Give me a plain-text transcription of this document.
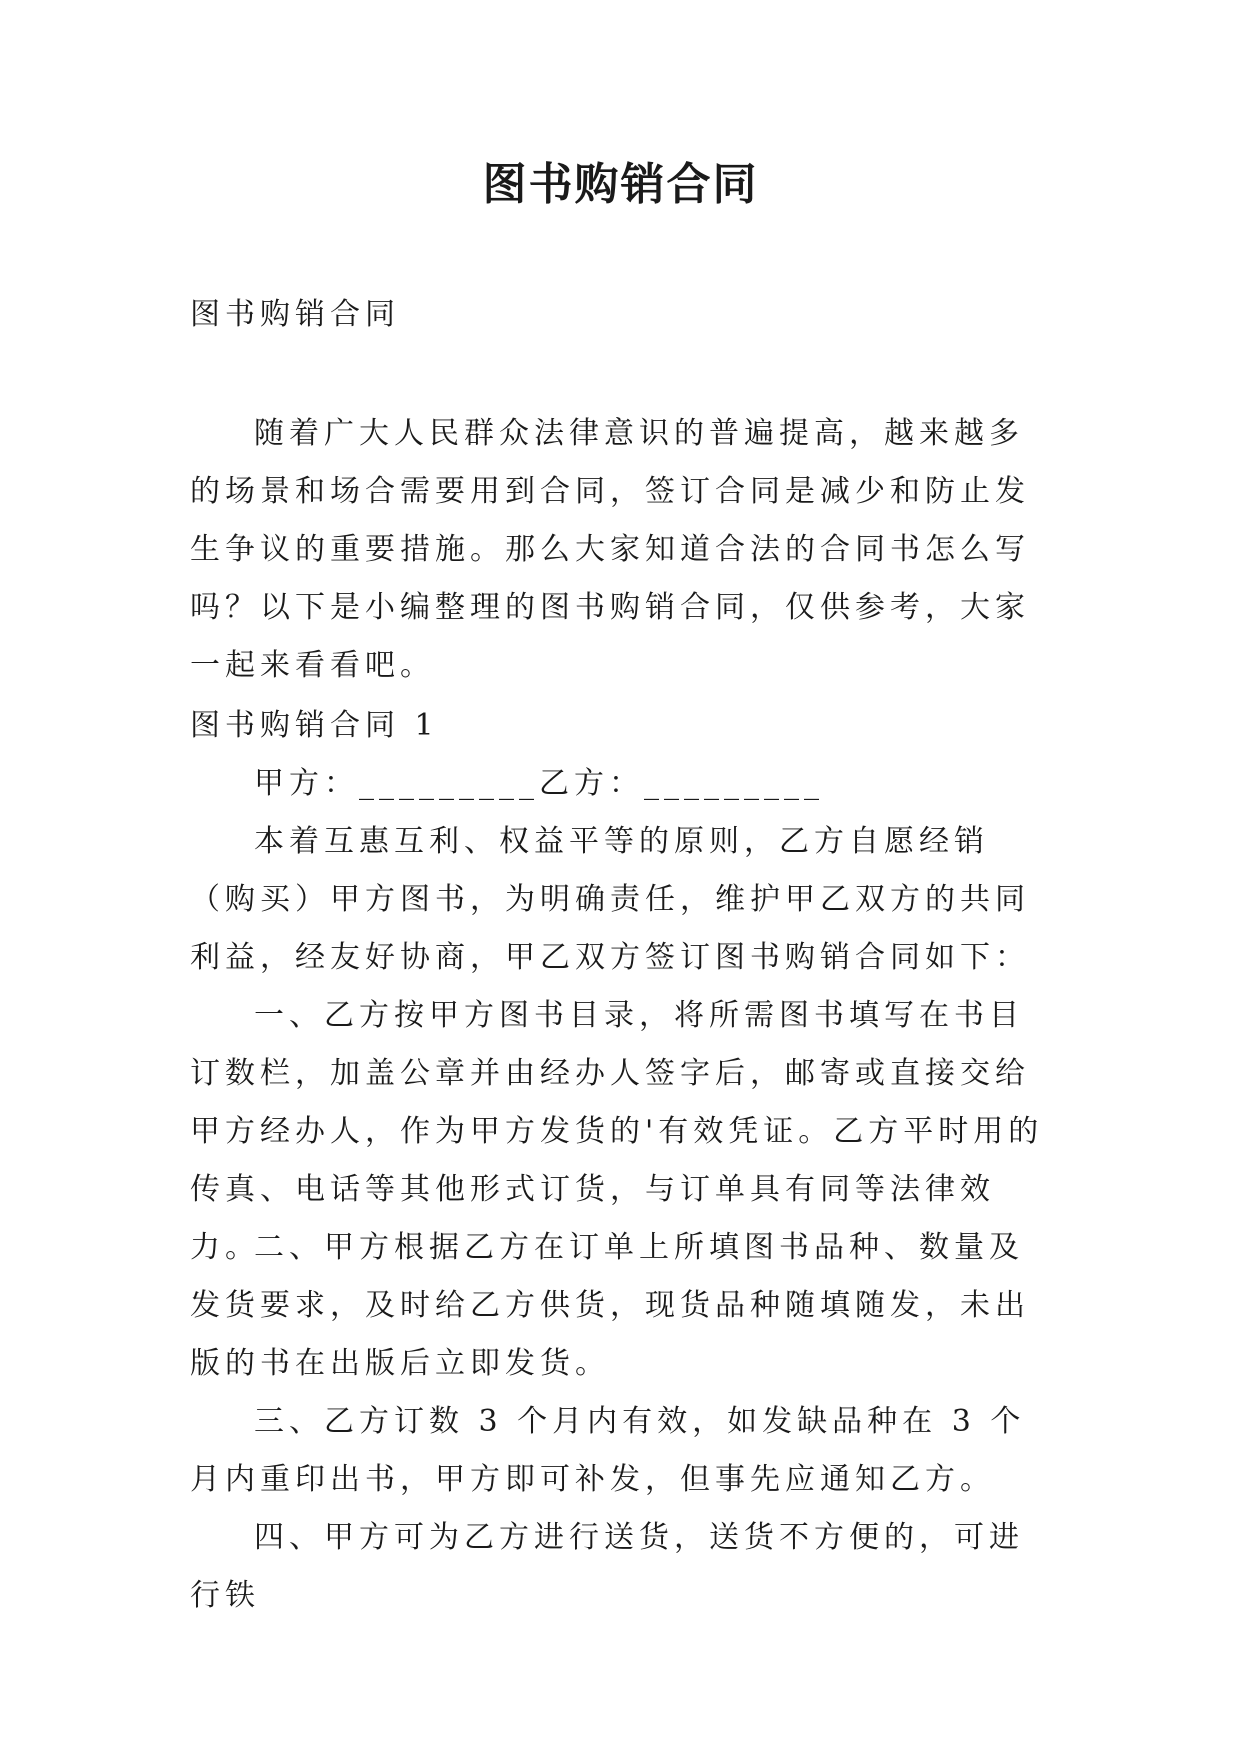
图书购销合同

图书购销合同

随着广大人民群众法律意识的普遍提高，越来越多的场景和场合需要用到合同，签订合同是减少和防止发生争议的重要措施。那么大家知道合法的合同书怎么写吗？以下是小编整理的图书购销合同，仅供参考，大家一起来看看吧。

图书购销合同 1

甲方：_________乙方：_________

本着互惠互利、权益平等的原则，乙方自愿经销（购买）甲方图书，为明确责任，维护甲乙双方的共同利益，经友好协商，甲乙双方签订图书购销合同如下：

一、乙方按甲方图书目录，将所需图书填写在书目订数栏，加盖公章并由经办人签字后，邮寄或直接交给甲方经办人，作为甲方发货的'有效凭证。乙方平时用的传真、电话等其他形式订货，与订单具有同等法律效力。

二、甲方根据乙方在订单上所填图书品种、数量及发货要求，及时给乙方供货，现货品种随填随发，未出版的书在出版后立即发货。

三、乙方订数 3 个月内有效，如发缺品种在 3 个月内重印出书，甲方即可补发，但事先应通知乙方。

四、甲方可为乙方进行送货，送货不方便的，可进行铁
